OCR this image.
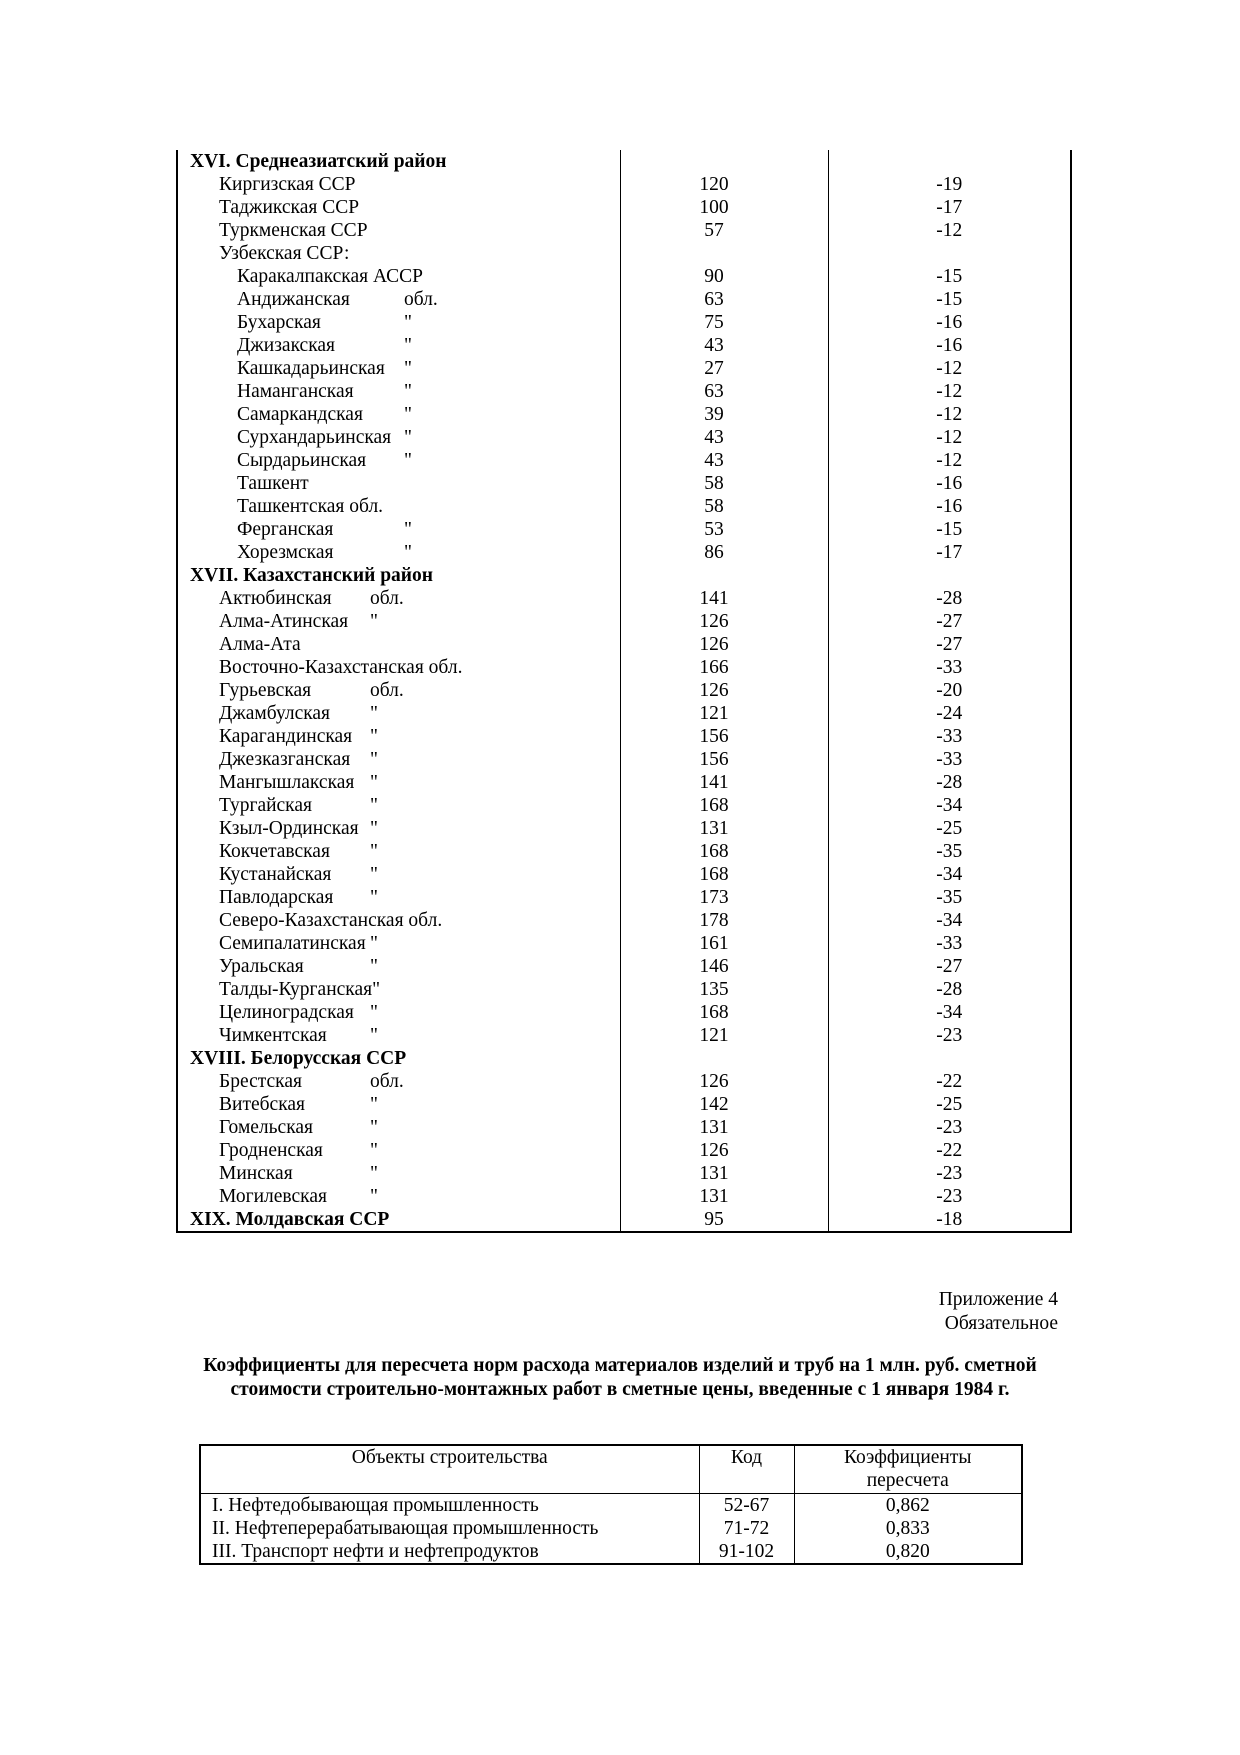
XVI. Среднеазиатский район		
Киргизская ССР	120	-19
Таджикская ССР	100	-17
Туркменская ССР	57	-12
Узбекская ССР:		
Каракалпакская АССР	90	-15
Андижанская обл.	63	-15
Бухарская "	75	-16
Джизакская "	43	-16
Кашкадарьинская "	27	-12
Наманганская "	63	-12
Самаркандская "	39	-12
Сурхандарьинская "	43	-12
Сырдарьинская "	43	-12
Ташкент	58	-16
Ташкентская обл.	58	-16
Ферганская "	53	-15
Хорезмская "	86	-17
XVII. Казахстанский район		
Актюбинская обл.	141	-28
Алма-Атинская "	126	-27
Алма-Ата	126	-27
Восточно-Казахстанская обл.	166	-33
Гурьевская обл.	126	-20
Джамбулская "	121	-24
Карагандинская "	156	-33
Джезказганская "	156	-33
Мангышлакская "	141	-28
Тургайская "	168	-34
Кзыл-Ординская "	131	-25
Кокчетавская "	168	-35
Кустанайская "	168	-34
Павлодарская "	173	-35
Северо-Казахстанская обл.	178	-34
Семипалатинская "	161	-33
Уральская "	146	-27
Талды-Курганская"	135	-28
Целиноградская "	168	-34
Чимкентская "	121	-23
XVIII. Белорусская ССР		
Брестская обл.	126	-22
Витебская "	142	-25
Гомельская "	131	-23
Гродненская "	126	-22
Минская "	131	-23
Могилевская "	131	-23
XIX. Молдавская ССР	95	-18
Приложение 4
Обязательное
Коэффициенты для пересчета норм расхода материалов изделий и труб на 1 млн. руб. сметной стоимости строительно-монтажных работ в сметные цены, введенные с 1 января 1984 г.
Объекты строительства	Код	Коэффициенты
пересчета
I. Нефтедобывающая промышленность	52-67	0,862
II. Нефтеперерабатывающая промышленность	71-72	0,833
III. Транспорт нефти и нефтепродуктов	91-102	0,820
